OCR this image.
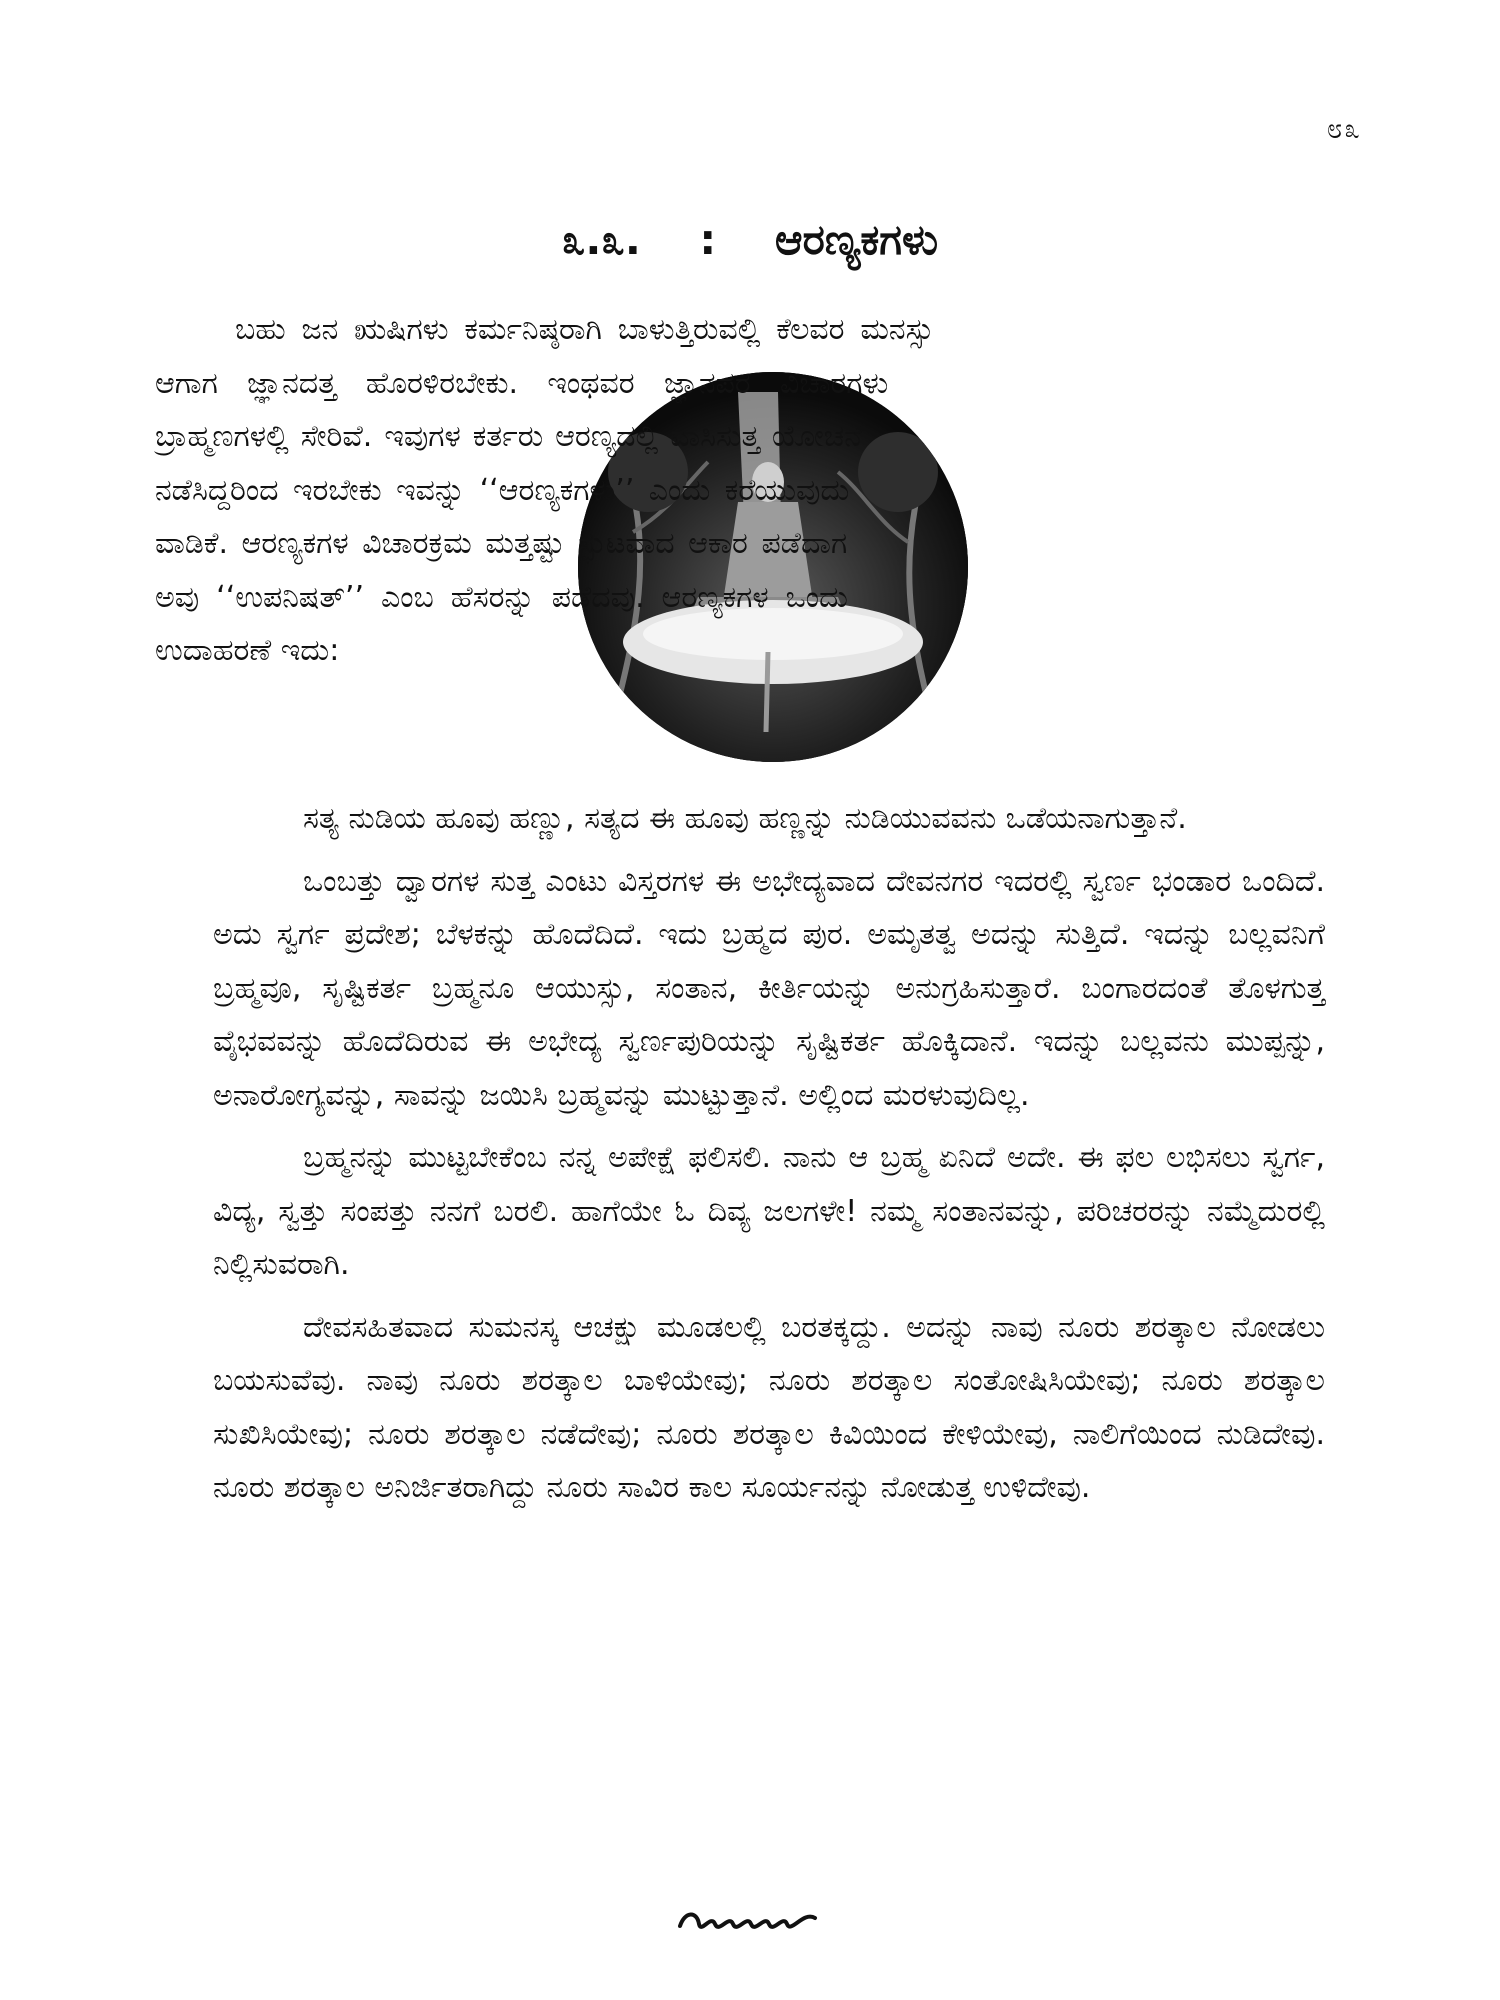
೮೩
೩.೩. : ಆರಣ್ಯಕಗಳು
ಬಹು ಜನ ಋಷಿಗಳು ಕರ್ಮನಿಷ್ಠರಾಗಿ ಬಾಳುತ್ತಿರುವಲ್ಲಿ ಕೆಲವರ ಮನಸ್ಸು ಆಗಾಗ ಜ್ಞಾನದತ್ತ ಹೊರಳಿರಬೇಕು. ಇಂಥವರ ಜ್ಞಾನಪರ ವಿಚಾರಗಳು ಬ್ರಾಹ್ಮಣಗಳಲ್ಲಿ ಸೇರಿವೆ. ಇವುಗಳ ಕರ್ತರು ಆರಣ್ಯದಲ್ಲಿ ವಾಸಿಸುತ್ತ ಯೋಚನೆ ನಡೆಸಿದ್ದರಿಂದ ಇರಬೇಕು ಇವನ್ನು ‘‘ಆರಣ್ಯಕಗಳು’’ ಎಂದು ಕರೆಯುವುದು ವಾಡಿಕೆ. ಆರಣ್ಯಕಗಳ ವಿಚಾರಕ್ರಮ ಮತ್ತಷ್ಟು ಸ್ಫುಟವಾದ ಆಕಾರ ಪಡೆದಾಗ ಅವು ‘‘ಉಪನಿಷತ್’’ ಎಂಬ ಹೆಸರನ್ನು ಪಡೆದವು. ಆರಣ್ಯಕಗಳ ಒಂದು ಉದಾಹರಣೆ ಇದು:

ಸತ್ಯ ನುಡಿಯ ಹೂವು ಹಣ್ಣು, ಸತ್ಯದ ಈ ಹೂವು ಹಣ್ಣನ್ನು ನುಡಿಯುವವನು ಒಡೆಯನಾಗುತ್ತಾನೆ.

ಒಂಬತ್ತು ದ್ವಾರಗಳ ಸುತ್ತ ಎಂಟು ವಿಸ್ತರಗಳ ಈ ಅಭೇದ್ಯವಾದ ದೇವನಗರ ಇದರಲ್ಲಿ ಸ್ವರ್ಣ ಭಂಡಾರ ಒಂದಿದೆ. ಅದು ಸ್ವರ್ಗ ಪ್ರದೇಶ; ಬೆಳಕನ್ನು ಹೊದೆದಿದೆ. ಇದು ಬ್ರಹ್ಮದ ಪುರ. ಅಮೃತತ್ವ ಅದನ್ನು ಸುತ್ತಿದೆ. ಇದನ್ನು ಬಲ್ಲವನಿಗೆ ಬ್ರಹ್ಮವೂ, ಸೃಷ್ಟಿಕರ್ತ ಬ್ರಹ್ಮನೂ ಆಯುಸ್ಸು, ಸಂತಾನ, ಕೀರ್ತಿಯನ್ನು ಅನುಗ್ರಹಿಸುತ್ತಾರೆ. ಬಂಗಾರದಂತೆ ತೊಳಗುತ್ತ ವೈಭವವನ್ನು ಹೊದೆದಿರುವ ಈ ಅಭೇದ್ಯ ಸ್ವರ್ಣಪುರಿಯನ್ನು ಸೃಷ್ಟಿಕರ್ತ ಹೊಕ್ಕಿದಾನೆ. ಇದನ್ನು ಬಲ್ಲವನು ಮುಪ್ಪನ್ನು, ಅನಾರೋಗ್ಯವನ್ನು, ಸಾವನ್ನು ಜಯಿಸಿ ಬ್ರಹ್ಮವನ್ನು ಮುಟ್ಟುತ್ತಾನೆ. ಅಲ್ಲಿಂದ ಮರಳುವುದಿಲ್ಲ.

ಬ್ರಹ್ಮನನ್ನು ಮುಟ್ಟಬೇಕೆಂಬ ನನ್ನ ಅಪೇಕ್ಷೆ ಫಲಿಸಲಿ. ನಾನು ಆ ಬ್ರಹ್ಮ ಏನಿದೆ ಅದೇ. ಈ ಫಲ ಲಭಿಸಲು ಸ್ವರ್ಗ, ವಿದ್ಯ, ಸ್ವತ್ತು ಸಂಪತ್ತು ನನಗೆ ಬರಲಿ. ಹಾಗೆಯೇ ಓ ದಿವ್ಯ ಜಲಗಳೇ! ನಮ್ಮ ಸಂತಾನವನ್ನು, ಪರಿಚರರನ್ನು ನಮ್ಮೆದುರಲ್ಲಿ ನಿಲ್ಲಿಸುವರಾಗಿ.

ದೇವಸಹಿತವಾದ ಸುಮನಸ್ಕ ಆಚಕ್ಷು ಮೂಡಲಲ್ಲಿ ಬರತಕ್ಕದ್ದು. ಅದನ್ನು ನಾವು ನೂರು ಶರತ್ಕಾಲ ನೋಡಲು ಬಯಸುವೆವು. ನಾವು ನೂರು ಶರತ್ಕಾಲ ಬಾಳಿಯೇವು; ನೂರು ಶರತ್ಕಾಲ ಸಂತೋಷಿಸಿಯೇವು; ನೂರು ಶರತ್ಕಾಲ ಸುಖಿಸಿಯೇವು; ನೂರು ಶರತ್ಕಾಲ ನಡೆದೇವು; ನೂರು ಶರತ್ಕಾಲ ಕಿವಿಯಿಂದ ಕೇಳಿಯೇವು, ನಾಲಿಗೆಯಿಂದ ನುಡಿದೇವು. ನೂರು ಶರತ್ಕಾಲ ಅನಿರ್ಜಿತರಾಗಿದ್ದು ನೂರು ಸಾವಿರ ಕಾಲ ಸೂರ್ಯನನ್ನು ನೋಡುತ್ತ ಉಳಿದೇವು.
